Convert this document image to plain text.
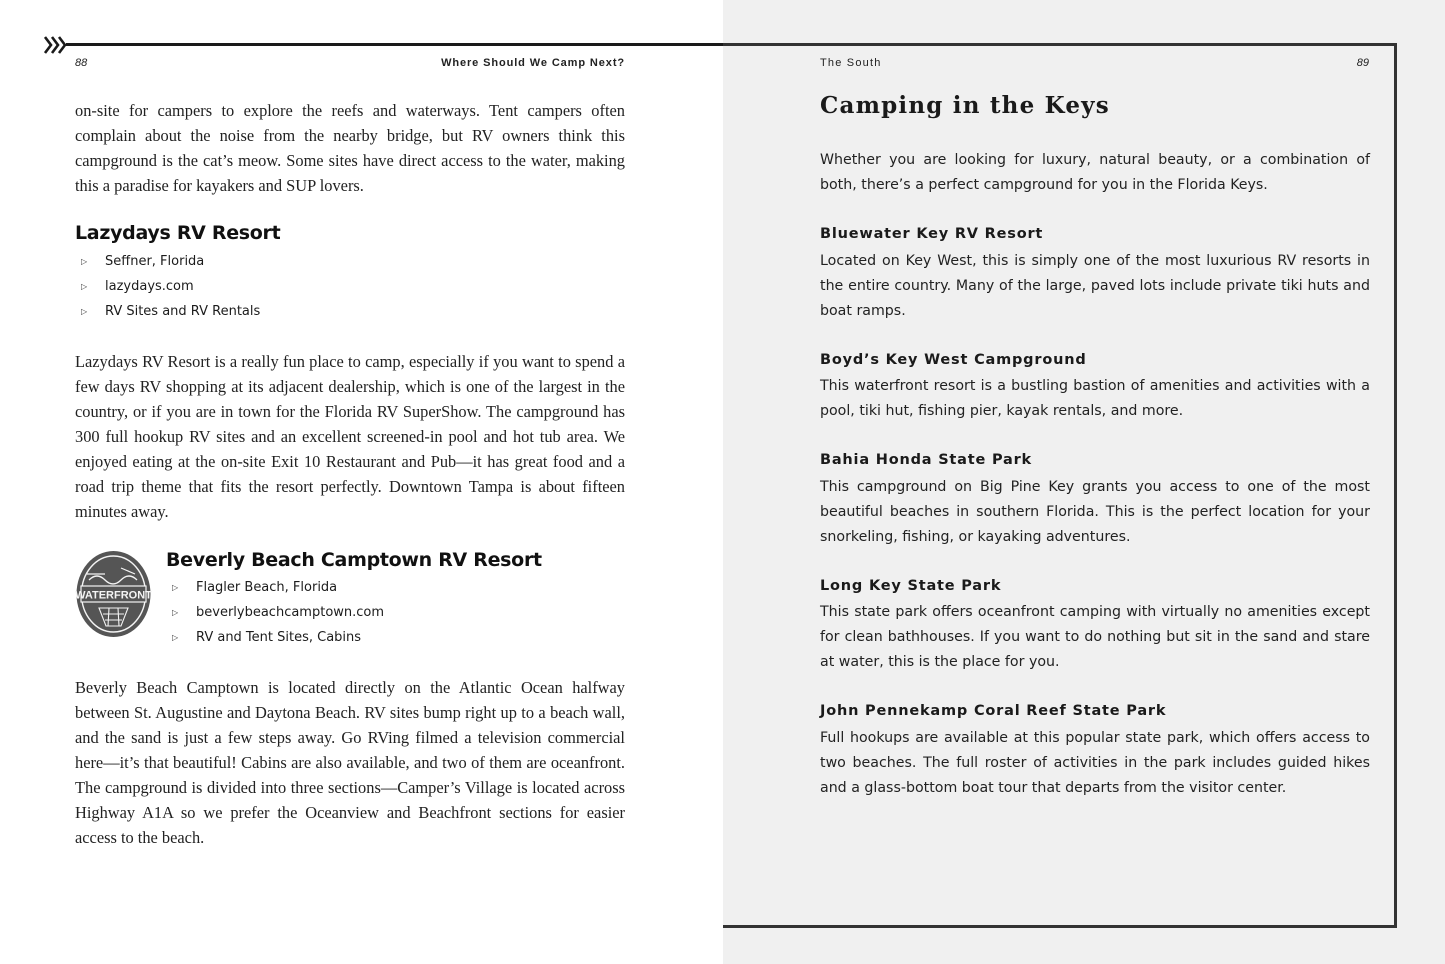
88	Where Should We Camp Next?

on-site for campers to explore the reefs and waterways. Tent campers often complain about the noise from the nearby bridge, but RV owners think this campground is the cat’s meow. Some sites have direct access to the water, making this a paradise for kayakers and SUP lovers.

Lazydays RV Resort
▷ Seffner, Florida
▷ lazydays.com
▷ RV Sites and RV Rentals

Lazydays RV Resort is a really fun place to camp, especially if you want to spend a few days RV shopping at its adjacent dealership, which is one of the largest in the country, or if you are in town for the Florida RV SuperShow. The campground has 300 full hookup RV sites and an excellent screened-in pool and hot tub area. We enjoyed eating at the on-site Exit 10 Restaurant and Pub—it has great food and a road trip theme that fits the resort perfectly. Downtown Tampa is about fifteen minutes away.

WATERFRONT
Beverly Beach Camptown RV Resort
▷ Flagler Beach, Florida
▷ beverlybeachcamptown.com
▷ RV and Tent Sites, Cabins

Beverly Beach Camptown is located directly on the Atlantic Ocean halfway between St. Augustine and Daytona Beach. RV sites bump right up to a beach wall, and the sand is just a few steps away. Go RVing filmed a television commercial here—it’s that beautiful! Cabins are also available, and two of them are oceanfront. The campground is divided into three sections—Camper’s Village is located across Highway A1A so we prefer the Oceanview and Beachfront sections for easier access to the beach.

The South	89
Camping in the Keys

Whether you are looking for luxury, natural beauty, or a combination of both, there’s a perfect campground for you in the Florida Keys.

Bluewater Key RV Resort

Located on Key West, this is simply one of the most luxurious RV resorts in the entire country. Many of the large, paved lots include private tiki huts and boat ramps.

Boyd’s Key West Campground

This waterfront resort is a bustling bastion of amenities and activities with a pool, tiki hut, fishing pier, kayak rentals, and more.

Bahia Honda State Park

This campground on Big Pine Key grants you access to one of the most beautiful beaches in southern Florida. This is the perfect location for your snorkeling, fishing, or kayaking adventures.

Long Key State Park

This state park offers oceanfront camping with virtually no amenities except for clean bathhouses. If you want to do nothing but sit in the sand and stare at water, this is the place for you.

John Pennekamp Coral Reef State Park

Full hookups are available at this popular state park, which offers access to two beaches. The full roster of activities in the park includes guided hikes and a glass-bottom boat tour that departs from the visitor center.
